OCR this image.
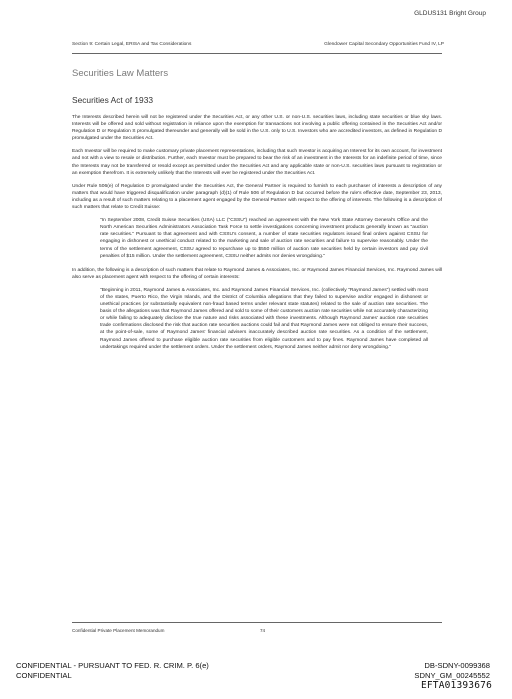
GLDUS131 Bright Group
Section 9: Certain Legal, ERISA and Tax Considerations	Glendower Capital Secondary Opportunities Fund IV, LP
Securities Law Matters
Securities Act of 1933

The Interests described herein will not be registered under the Securities Act, or any other U.S. or non-U.S. securities laws, including state securities or blue sky laws. Interests will be offered and sold without registration in reliance upon the exemption for transactions not involving a public offering contained in the Securities Act and/or Regulation D or Regulation S promulgated thereunder and generally will be sold in the U.S. only to U.S. Investors who are accredited investors, as defined in Regulation D promulgated under the Securities Act.

Each Investor will be required to make customary private placement representations, including that such Investor is acquiring an Interest for its own account, for investment and not with a view to resale or distribution. Further, each Investor must be prepared to bear the risk of an investment in the Interests for an indefinite period of time, since the Interests may not be transferred or resold except as permitted under the Securities Act and any applicable state or non-U.S. securities laws pursuant to registration or an exemption therefrom. It is extremely unlikely that the Interests will ever be registered under the Securities Act.

Under Rule 506(e) of Regulation D promulgated under the Securities Act, the General Partner is required to furnish to each purchaser of interests a description of any matters that would have triggered disqualification under paragraph (d)(1) of Rule 506 of Regulation D but occurred before the rule's effective date, September 23, 2013, including as a result of such matters relating to a placement agent engaged by the General Partner with respect to the offering of interests. The following is a description of such matters that relate to Credit Suisse:

"In September 2008, Credit Suisse Securities (USA) LLC ("CSSU") reached an agreement with the New York State Attorney General's Office and the North American Securities Administrators Association Task Force to settle investigations concerning investment products generally known as "auction rate securities." Pursuant to that agreement and with CSSU's consent, a number of state securities regulators issued final orders against CSSU for engaging in dishonest or unethical conduct related to the marketing and sale of auction rate securities and failure to supervise reasonably. Under the terms of the settlement agreement, CSSU agreed to repurchase up to $550 million of auction rate securities held by certain investors and pay civil penalties of $15 million. Under the settlement agreement, CSSU neither admits nor denies wrongdoing."

In addition, the following is a description of such matters that relate to Raymond James & Associates, Inc. or Raymond James Financial Services, Inc. Raymond James will also serve as placement agent with respect to the offering of certain interests:

"Beginning in 2011, Raymond James & Associates, Inc. and Raymond James Financial Services, Inc. (collectively "Raymond James") settled with most of the states, Puerto Rico, the Virgin Islands, and the District of Columbia allegations that they failed to supervise and/or engaged in dishonest or unethical practices (or substantially equivalent non-fraud based terms under relevant state statutes) related to the sale of auction rate securities. The basis of the allegations was that Raymond James offered and sold to some of their customers auction rate securities while not accurately characterizing or while failing to adequately disclose the true nature and risks associated with these investments. Although Raymond James' auction rate securities trade confirmations disclosed the risk that auction rate securities auctions could fail and that Raymond James were not obliged to ensure their success, at the point-of-sale, some of Raymond James' financial advisers inaccurately described auction rate securities. As a condition of the settlement, Raymond James offered to purchase eligible auction rate securities from eligible customers and to pay fines. Raymond James have completed all undertakings required under the settlement orders. Under the settlement orders, Raymond James neither admit nor deny wrongdoing."

Confidential Private Placement Memorandum	74
CONFIDENTIAL - PURSUANT TO FED. R. CRIM. P. 6(e)
CONFIDENTIAL
DB-SDNY-0099368
SDNY_GM_00245552
EFTA01393676
